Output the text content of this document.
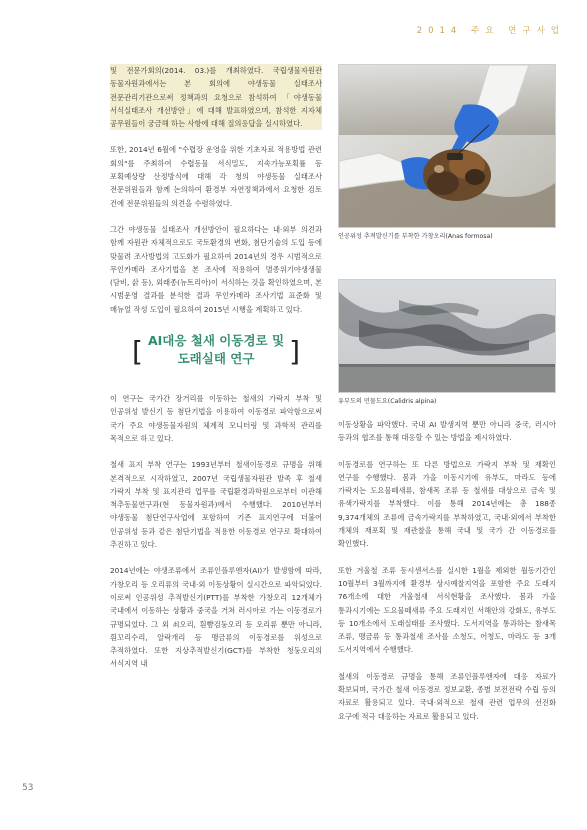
2014 주요 연구사업

및 전문가회의(2014. 03.)를 개최하였다. 국립생물자원관 동물자원과에서는 본 회의에 야생동물 실태조사 전문관리기관으로써 정책과의 요청으로 참석하여 「야생동물 서식실태조사 개선방안」에 대해 발표하였으며, 참석한 지자체 공무원들이 궁금해 하는 사항에 대해 질의응답을 실시하였다.

또한, 2014년 6월에 "수렵장 운영을 위한 기초자료 적용방법 관련 회의"를 주최하여 수렵동물 서식밀도, 지속가능포획률 등 포획예상량 산정방식에 대해 각 청의 야생동물 실태조사 전문위원들과 함께 논의하여 환경부 자연정책과에서 요청한 검토 건에 전문위원들의 의견을 수렴하였다.

그간 야생동물 실태조사 개선방안이 필요하다는 내·외부 의견과 함께 자원관 자체적으로도 국토환경의 변화, 첨단기술의 도입 등에 맞물려 조사방법의 고도화가 필요하여 2014년의 경우 시범적으로 무인카메라 조사기법을 본 조사에 적용하여 멸종위기야생생물(담비, 삵 등), 외래종(뉴트리아)이 서식하는 것을 확인하였으며, 본 시범운영 결과를 분석한 결과 무인카메라 조사기법 표준화 및 매뉴얼 작성 도입이 필요하여 2015년 시행을 계획하고 있다.

[ AI대응 철새 이동경로 및
도래실태 연구	]

이 연구는 국가간 장거리를 이동하는 철새의 가락지 부착 및 인공위성 발신기 등 첨단기법을 이용하여 이동경로 파악함으로써 국가 주요 야생동물자원의 체계적 모니터링 및 과학적 관리를 목적으로 하고 있다.

철새 표지 부착 연구는 1993년부터 철새이동경로 규명을 위해 본격적으로 시작하였고, 2007년 국립생물자원관 발족 후 철새 가락지 부착 및 표지관리 업무를 국립환경과학원으로부터 이관해 척추동물연구과(현 동물자원과)에서 수행했다. 2010년부터 야생동물 첨단연구사업에 포함하여 기존 표지연구에 더불어 인공위성 등과 같은 첨단기법을 적용한 이동경로 연구로 확대하여 추진하고 있다.

2014년에는 야생조류에서 조류인플루엔자(AI)가 발생함에 따라, 가창오리 등 오리류의 국내·외 이동상황이 실시간으로 파악되었다. 이로써 인공위성 추적발신기(PTT)를 부착한 가창오리 12개체가 국내에서 이동하는 상황과 중국을 거쳐 러시아로 가는 이동경로가 규명되었다. 그 외 쇠오리, 흰뺨검둥오리 등 오리류 뿐만 아니라, 흰꼬리수리, 알락개리 등 맹금류의 이동경로를 위성으로 추적하였다. 또한 지상추적발신기(GCT)를 부착한 청둥오리의 서식지역 내

인공위성 추적발신기를 부착한 가창오리(Anas formosa)

유부도의 민물도요(Calidris alpina)

이동상황을 파악했다. 국내 AI 발생지역 뿐만 아니라 중국, 러시아 등과의 협조를 통해 대응할 수 있는 방법을 제시하였다.

이동경로를 연구하는 또 다른 방법으로 가락지 부착 및 재확인 연구를 수행했다. 봄과 가을 이동시기에 유부도, 마라도 등에 가락지는 도요물떼새류, 참새목 조류 등 철새를 대상으로 금속 및 유색가락지를 부착했다. 이를 통해 2014년에는 총 188종 9,374개체의 조류에 금속가락지를 부착하였고, 국내·외에서 부착한 개체의 재포획 및 재관찰을 통해 국내 및 국가 간 이동경로를 확인했다.

또한 겨울철 조류 동시센서스를 실시한 1월을 제외한 월동기간인 10월부터 3월까지에 환경부 상시예찰지역을 포함한 주요 도래지 76개소에 대한 겨울철새 서식현황을 조사했다. 봄과 가을 통과시기에는 도요물떼새류 주요 도래지인 서해안의 강화도, 유부도 등 10개소에서 도래실태를 조사했다. 도서지역을 통과하는 참새목 조류, 맹금류 등 통과철새 조사를 소청도, 어청도, 마라도 등 3개 도서지역에서 수행했다.

철새의 이동경로 규명을 통해 조류인플루엔자에 대응 자료가 확보되며, 국가간 철새 이동경로 정보교환, 종별 보전전략 수립 등의 자료로 활용되고 있다. 국내·외적으로 철새 관련 업무의 선진화 요구에 적극 대응하는 자료로 활용되고 있다.

53
